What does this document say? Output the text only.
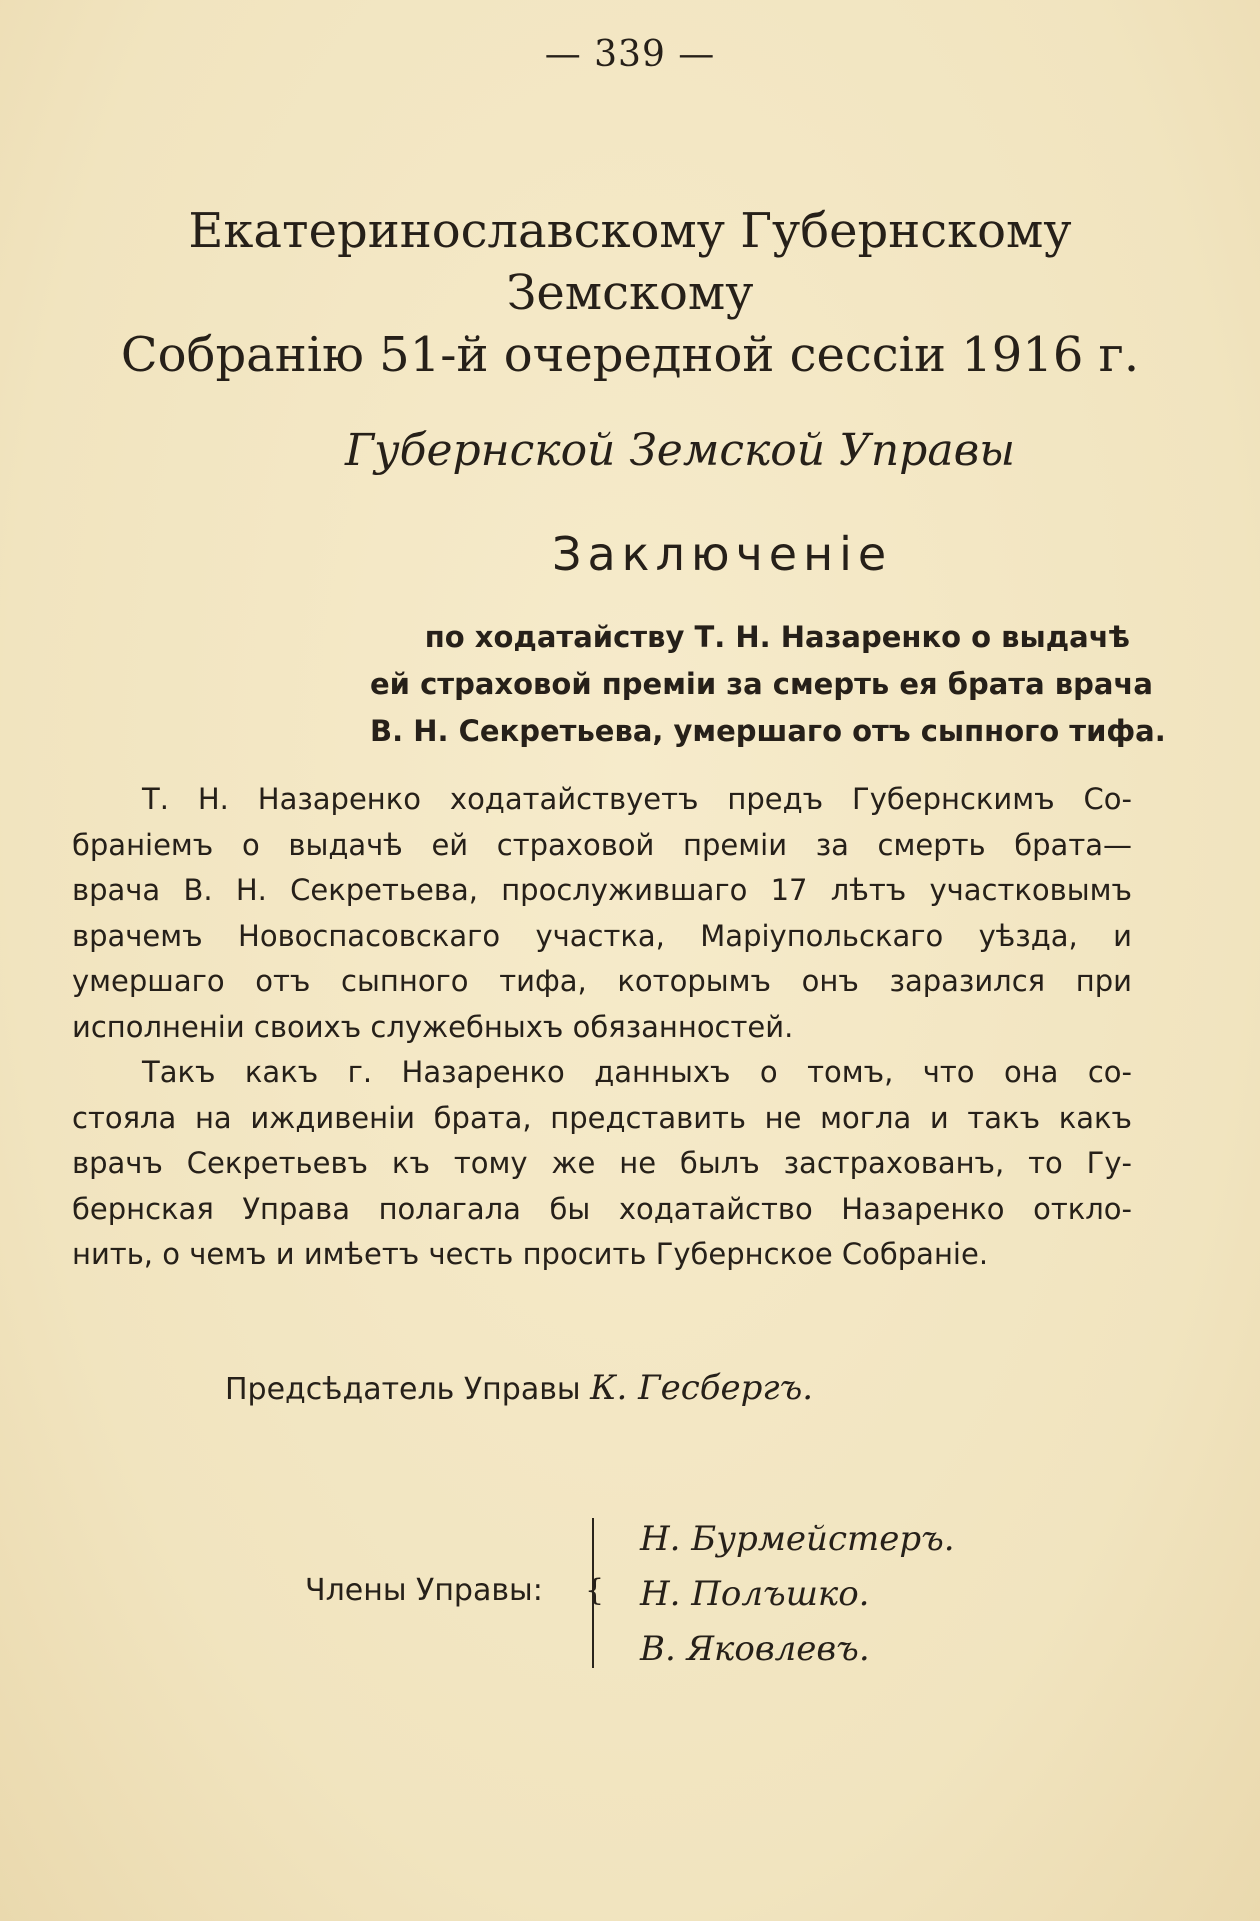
— 339 —
Екатеринославскому Губернскому Земскому
Собранію 51-й очередной сессіи 1916 г.
Губернской Земской Управы
Заключеніе
по ходатайству Т. Н. Назаренко о выдачѣ
ей страховой преміи за смерть ея брата врача
В. Н. Секретьева, умершаго отъ сыпного тифа.
Т. Н. Назаренко ходатайствуетъ предъ Губернскимъ Со-
браніемъ о выдачѣ ей страховой преміи за смерть брата—
врача В. Н. Секретьева, прослужившаго 17 лѣтъ участковымъ
врачемъ Новоспасовскаго участка, Маріупольскаго уѣзда, и
умершаго отъ сыпного тифа, которымъ онъ заразился при
исполненіи своихъ служебныхъ обязанностей.
Такъ какъ г. Назаренко данныхъ о томъ, что она со-
стояла на иждивеніи брата, представить не могла и такъ какъ
врачъ Секретьевъ къ тому же не былъ застрахованъ, то Гу-
бернская Управа полагала бы ходатайство Назаренко откло-
нить, о чемъ и имѣетъ честь просить Губернское Собраніе.
Предсѣдатель Управы К. Гесбергъ.
Члены Управы: {
Н. Бурмейстеръ.
Н. Полъшко.
В. Яковлевъ.
